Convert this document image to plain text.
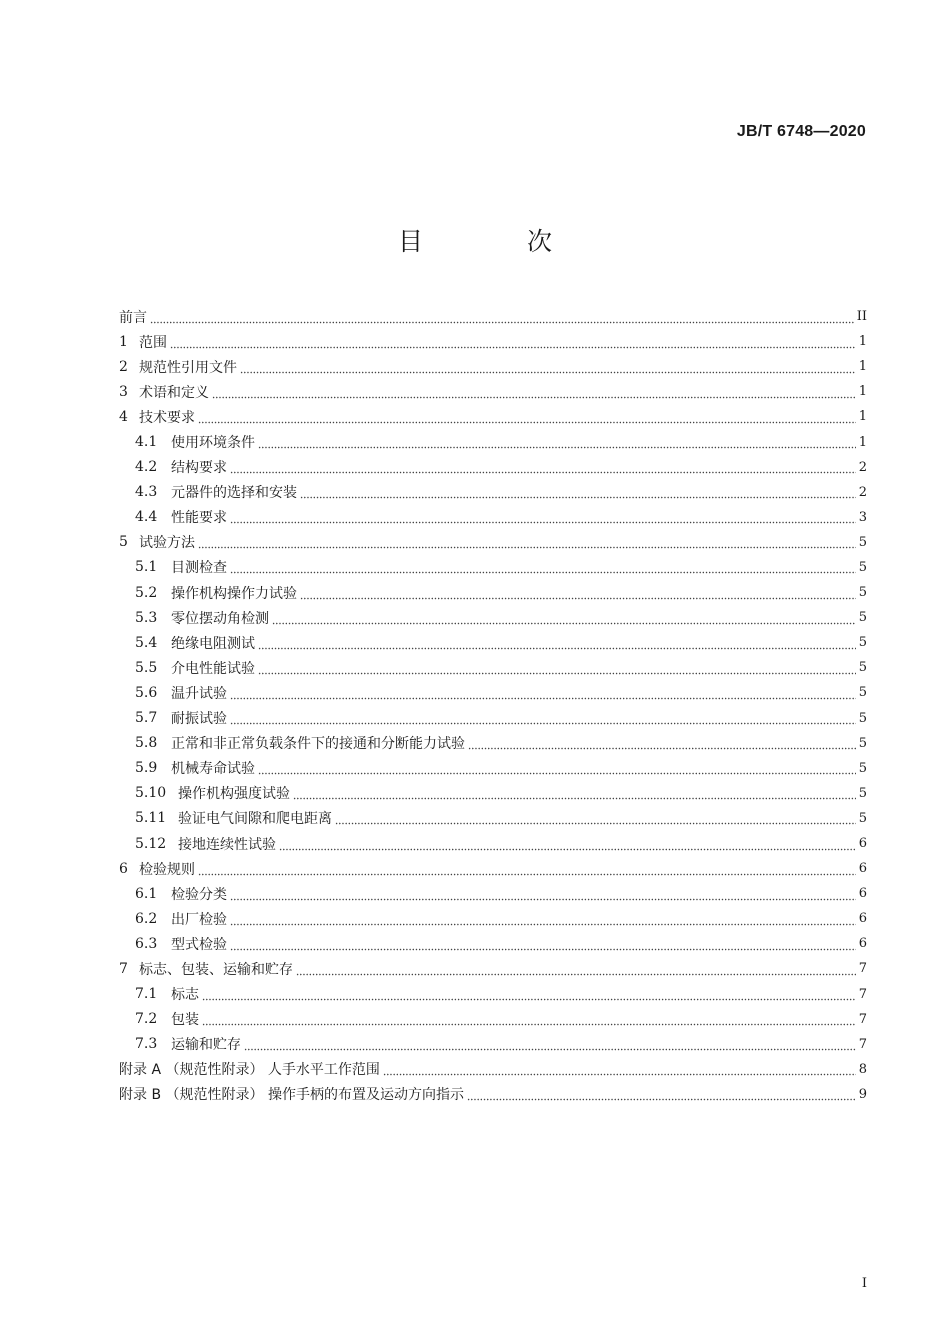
JB/T 6748—2020
目 次
前言	II
1 范围	1
2 规范性引用文件	1
3 术语和定义	1
4 技术要求	1
4.1 使用环境条件	1
4.2 结构要求	2
4.3 元器件的选择和安装	2
4.4 性能要求	3
5 试验方法	5
5.1 目测检查	5
5.2 操作机构操作力试验	5
5.3 零位摆动角检测	5
5.4 绝缘电阻测试	5
5.5 介电性能试验	5
5.6 温升试验	5
5.7 耐振试验	5
5.8 正常和非正常负载条件下的接通和分断能力试验	5
5.9 机械寿命试验	5
5.10 操作机构强度试验	5
5.11 验证电气间隙和爬电距离	5
5.12 接地连续性试验	6
6 检验规则	6
6.1 检验分类	6
6.2 出厂检验	6
6.3 型式检验	6
7 标志、包装、运输和贮存	7
7.1 标志	7
7.2 包装	7
7.3 运输和贮存	7
附录 A （规范性附录） 人手水平工作范围	8
附录 B （规范性附录） 操作手柄的布置及运动方向指示	9
I
